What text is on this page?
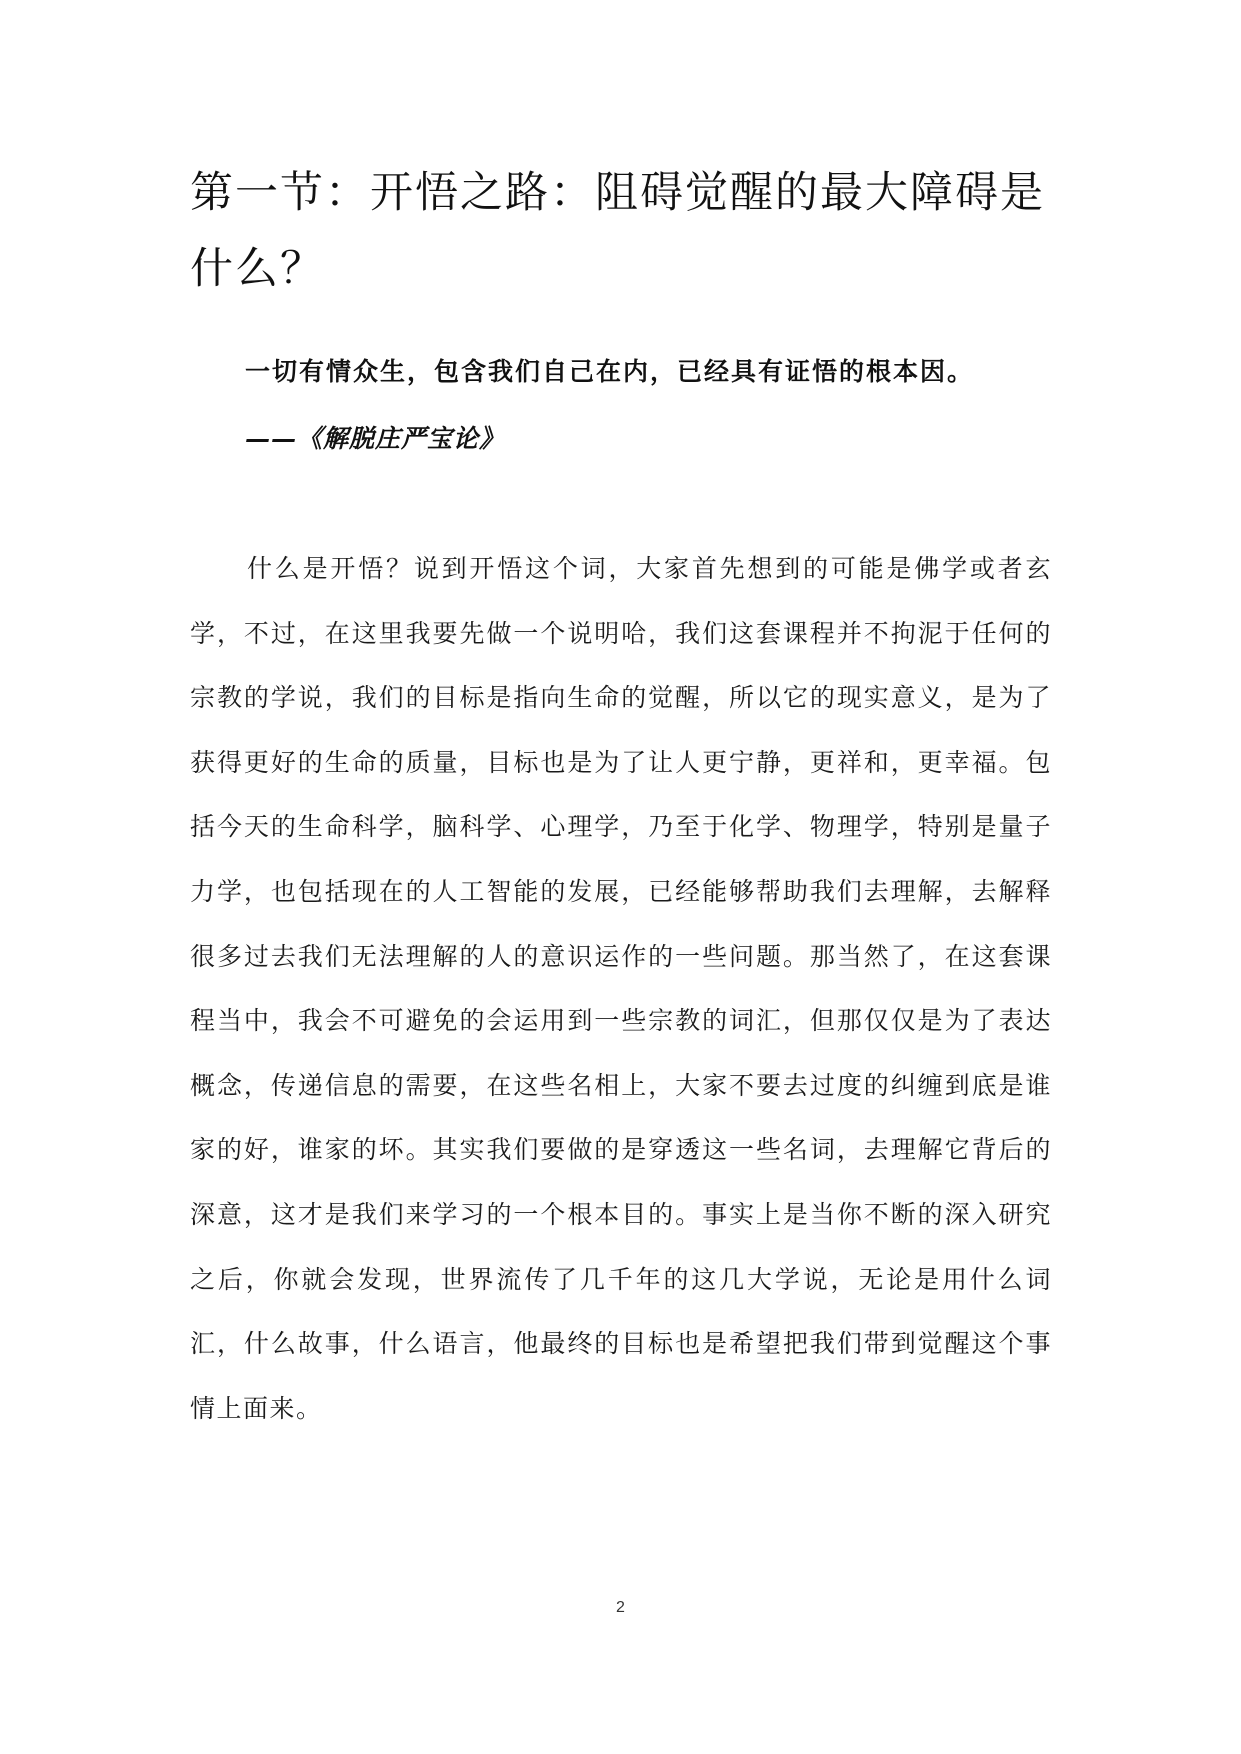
第一节：开悟之路：阻碍觉醒的最大障碍是什么？
一切有情众生，包含我们自己在内，已经具有证悟的根本因。
——《解脱庄严宝论》

什么是开悟？说到开悟这个词，大家首先想到的可能是佛学或者玄学，不过，在这里我要先做一个说明哈，我们这套课程并不拘泥于任何的宗教的学说，我们的目标是指向生命的觉醒，所以它的现实意义，是为了获得更好的生命的质量，目标也是为了让人更宁静，更祥和，更幸福。包括今天的生命科学，脑科学、心理学，乃至于化学、物理学，特别是量子力学，也包括现在的人工智能的发展，已经能够帮助我们去理解，去解释很多过去我们无法理解的人的意识运作的一些问题。那当然了，在这套课程当中，我会不可避免的会运用到一些宗教的词汇，但那仅仅是为了表达概念，传递信息的需要，在这些名相上，大家不要去过度的纠缠到底是谁家的好，谁家的坏。其实我们要做的是穿透这一些名词，去理解它背后的深意，这才是我们来学习的一个根本目的。事实上是当你不断的深入研究之后，你就会发现，世界流传了几千年的这几大学说，无论是用什么词汇，什么故事，什么语言，他最终的目标也是希望把我们带到觉醒这个事情上面来。

2
